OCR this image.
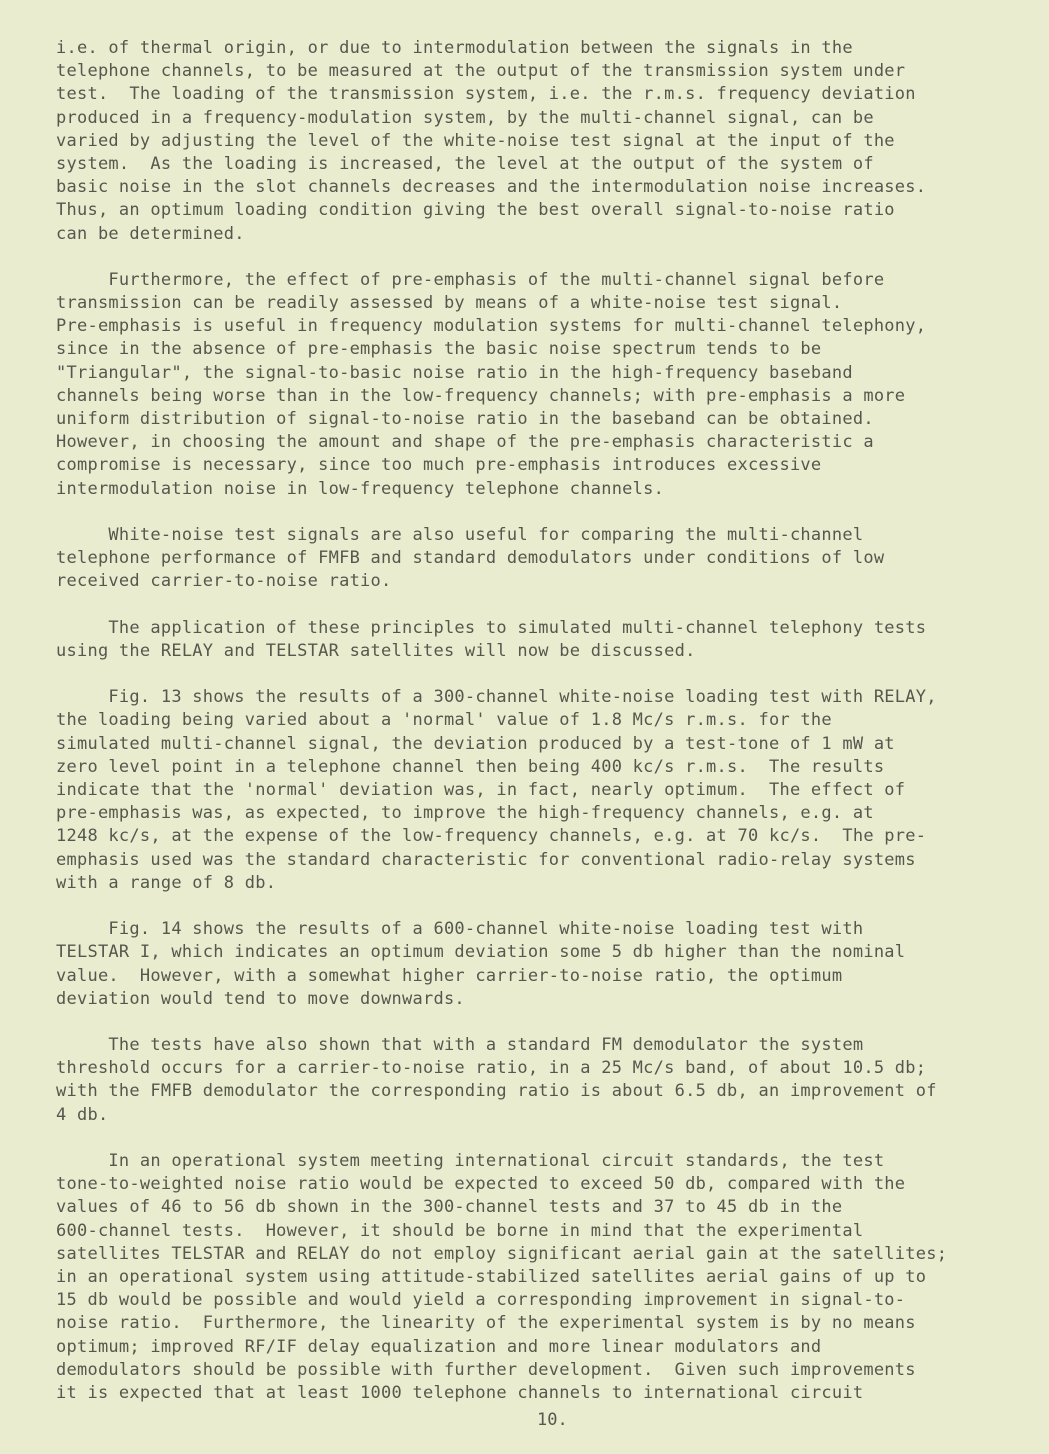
i.e. of thermal origin, or due to intermodulation between the signals in the
telephone channels, to be measured at the output of the transmission system under
test.  The loading of the transmission system, i.e. the r.m.s. frequency deviation
produced in a frequency-modulation system, by the multi-channel signal, can be
varied by adjusting the level of the white-noise test signal at the input of the
system.  As the loading is increased, the level at the output of the system of
basic noise in the slot channels decreases and the intermodulation noise increases.
Thus, an optimum loading condition giving the best overall signal-to-noise ratio
can be determined.
Furthermore, the effect of pre-emphasis of the multi-channel signal before
transmission can be readily assessed by means of a white-noise test signal.
Pre-emphasis is useful in frequency modulation systems for multi-channel telephony,
since in the absence of pre-emphasis the basic noise spectrum tends to be
"Triangular", the signal-to-basic noise ratio in the high-frequency baseband
channels being worse than in the low-frequency channels; with pre-emphasis a more
uniform distribution of signal-to-noise ratio in the baseband can be obtained.
However, in choosing the amount and shape of the pre-emphasis characteristic a
compromise is necessary, since too much pre-emphasis introduces excessive
intermodulation noise in low-frequency telephone channels.
White-noise test signals are also useful for comparing the multi-channel
telephone performance of FMFB and standard demodulators under conditions of low
received carrier-to-noise ratio.
The application of these principles to simulated multi-channel telephony tests
using the RELAY and TELSTAR satellites will now be discussed.
Fig. 13 shows the results of a 300-channel white-noise loading test with RELAY,
the loading being varied about a 'normal' value of 1.8 Mc/s r.m.s. for the
simulated multi-channel signal, the deviation produced by a test-tone of 1 mW at
zero level point in a telephone channel then being 400 kc/s r.m.s.  The results
indicate that the 'normal' deviation was, in fact, nearly optimum.  The effect of
pre-emphasis was, as expected, to improve the high-frequency channels, e.g. at
1248 kc/s, at the expense of the low-frequency channels, e.g. at 70 kc/s.  The pre-
emphasis used was the standard characteristic for conventional radio-relay systems
with a range of 8 db.
Fig. 14 shows the results of a 600-channel white-noise loading test with
TELSTAR I, which indicates an optimum deviation some 5 db higher than the nominal
value.  However, with a somewhat higher carrier-to-noise ratio, the optimum
deviation would tend to move downwards.
The tests have also shown that with a standard FM demodulator the system
threshold occurs for a carrier-to-noise ratio, in a 25 Mc/s band, of about 10.5 db;
with the FMFB demodulator the corresponding ratio is about 6.5 db, an improvement of
4 db.
In an operational system meeting international circuit standards, the test
tone-to-weighted noise ratio would be expected to exceed 50 db, compared with the
values of 46 to 56 db shown in the 300-channel tests and 37 to 45 db in the
600-channel tests.  However, it should be borne in mind that the experimental
satellites TELSTAR and RELAY do not employ significant aerial gain at the satellites;
in an operational system using attitude-stabilized satellites aerial gains of up to
15 db would be possible and would yield a corresponding improvement in signal-to-
noise ratio.  Furthermore, the linearity of the experimental system is by no means
optimum; improved RF/IF delay equalization and more linear modulators and
demodulators should be possible with further development.  Given such improvements
it is expected that at least 1000 telephone channels to international circuit
10.
